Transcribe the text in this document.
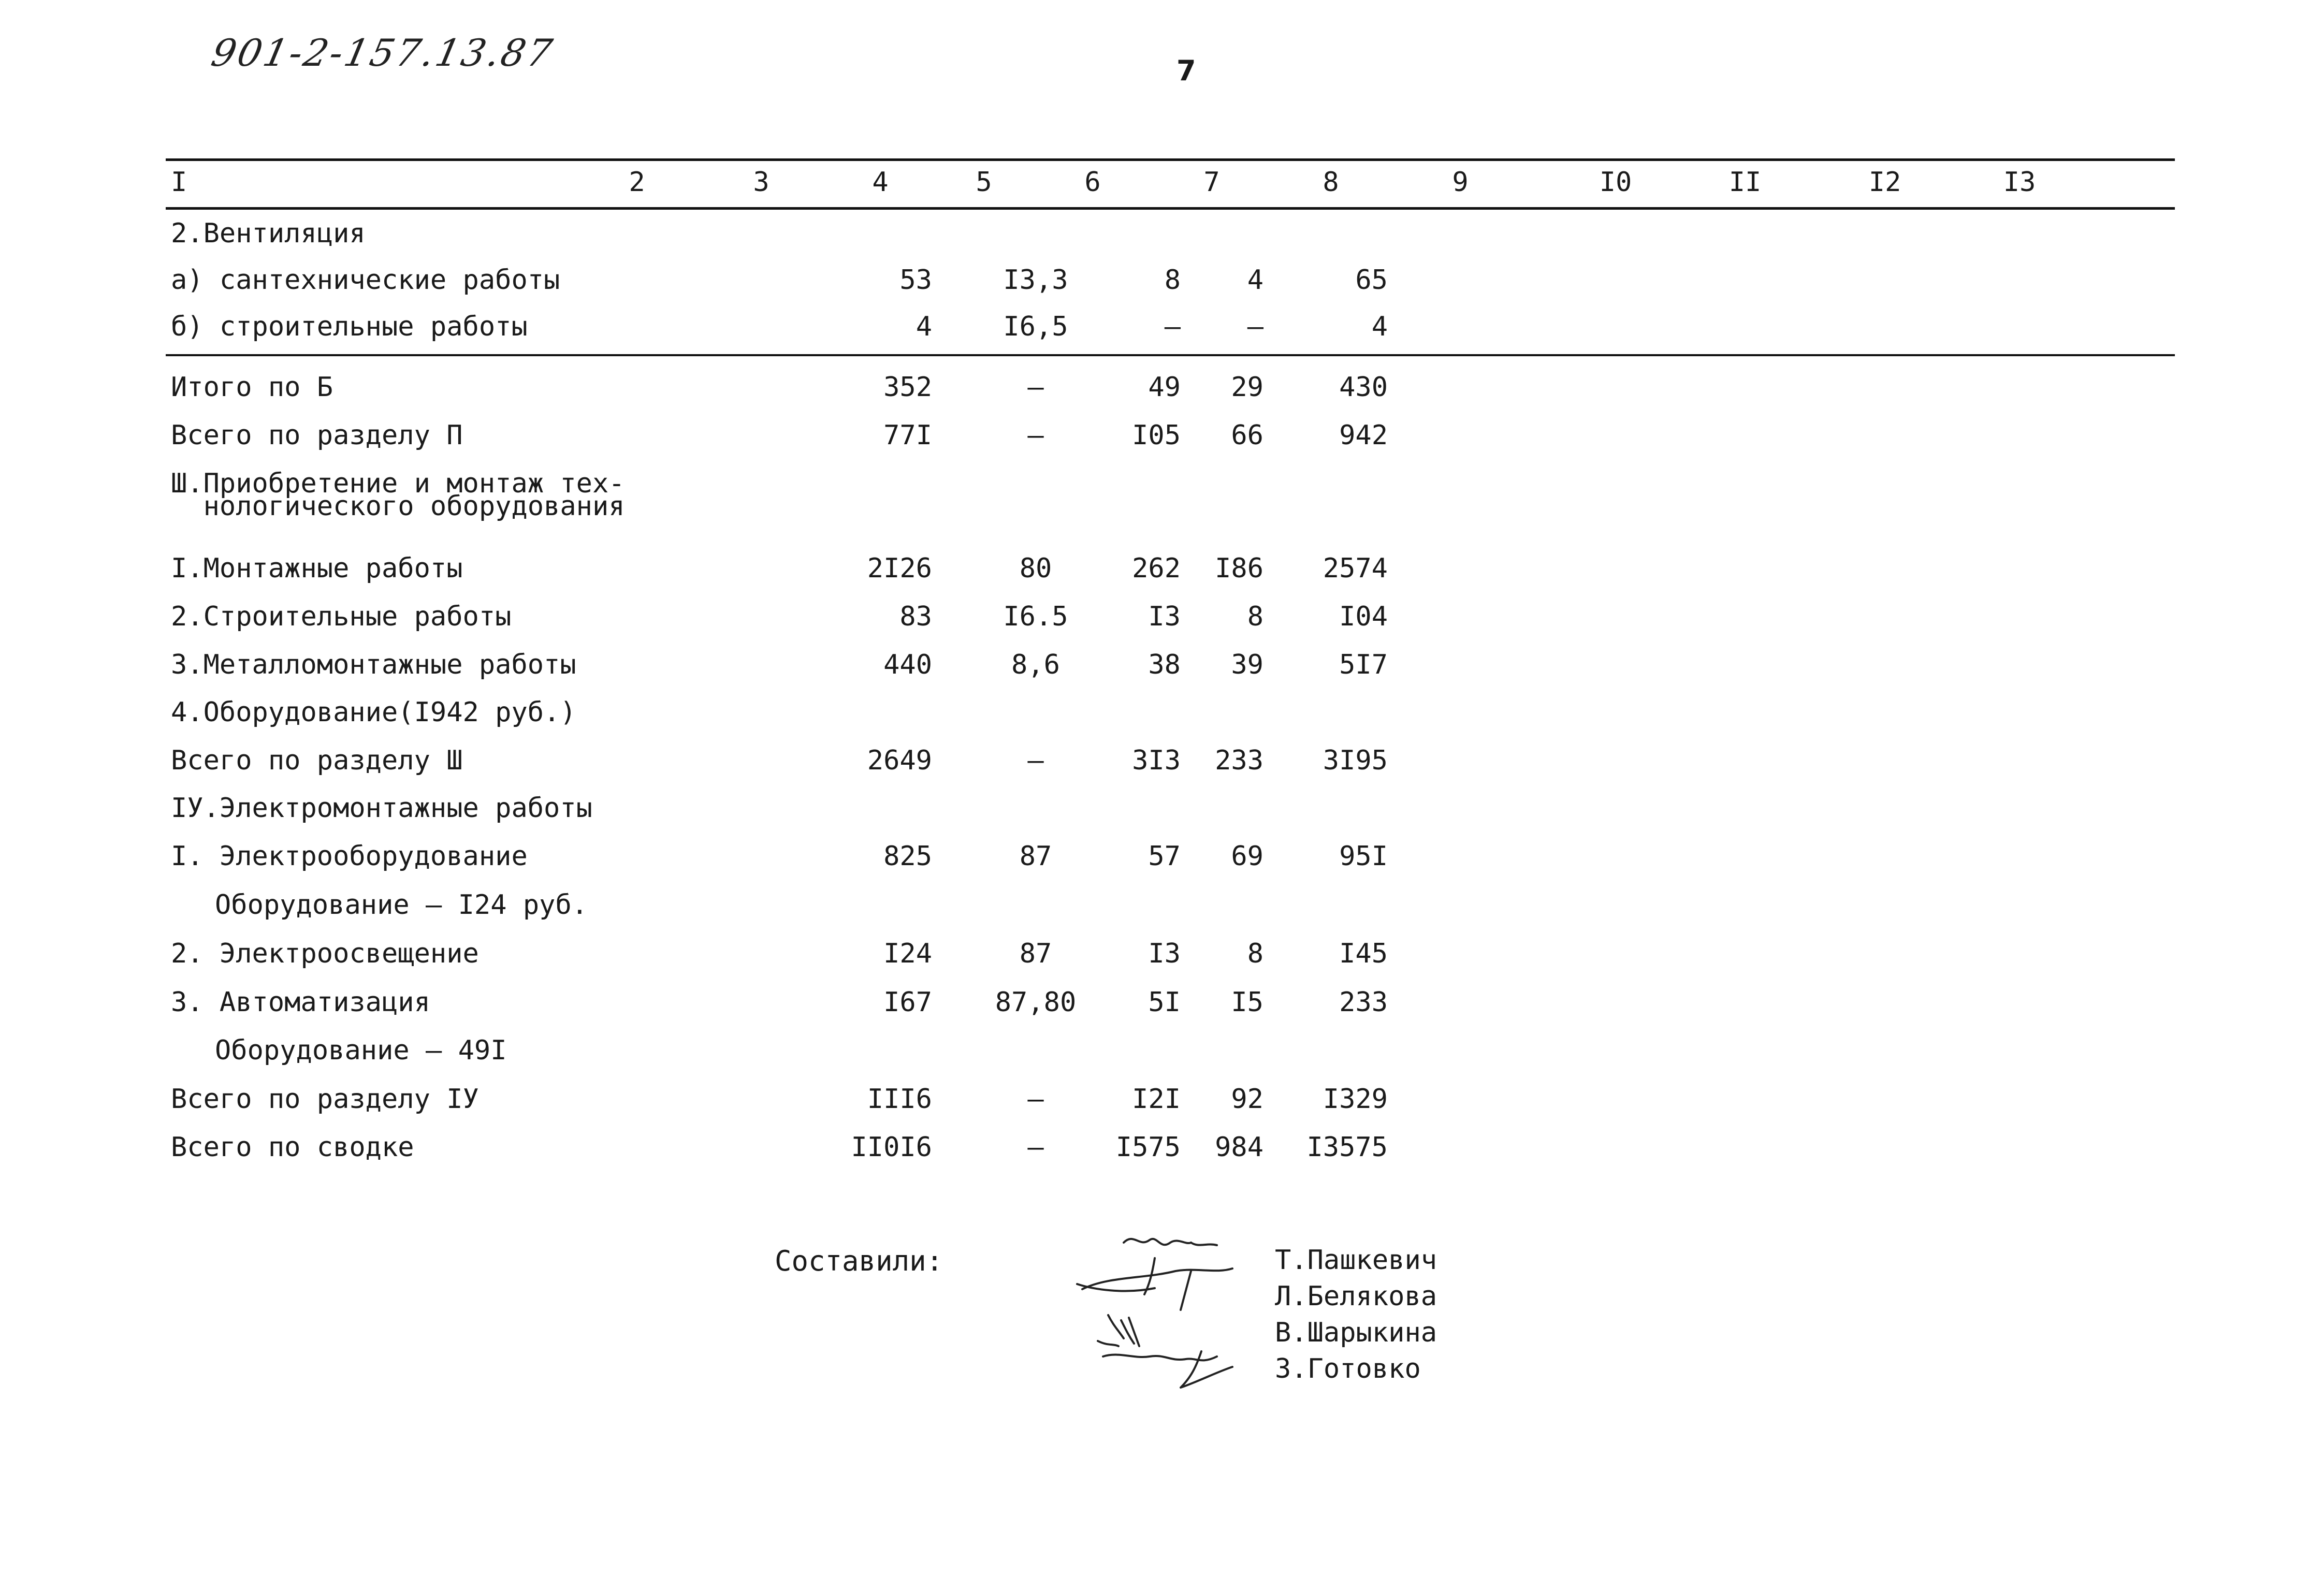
901-2-157.13.87	7
I	2	3	4	5	6	7	8	9	I0	II	I2	I3
2.Вентиляция
а) сантехнические работы	53	I3,3	8	4	65
б) строительные работы	4	I6,5	–	–	4
Итого по Б	352	–	49	29	430
Всего по разделу П	77I	–	I05	66	942
Ш.Приобретение и монтаж тех-
нологического оборудования
I.Монтажные работы	2I26	80	262	I86	2574
2.Строительные работы	83	I6.5	I3	8	I04
3.Металломонтажные работы	440	8,6	38	39	5I7
4.Оборудование(I942 руб.)
Всего по разделу Ш	2649	–	3I3	233	3I95
IУ.Электромонтажные работы
I. Электрооборудование	825	87	57	69	95I
Оборудование – I24 руб.
2. Электроосвещение	I24	87	I3	8	I45
3. Автоматизация	I67	87,80	5I	I5	233
Оборудование – 49I
Всего по разделу IУ	III6	–	I2I	92	I329
Всего по сводке	II0I6	–	I575	984	I3575
Составили:	Т.Пашкевич
Л.Белякова
В.Шарыкина
З.Готовко
